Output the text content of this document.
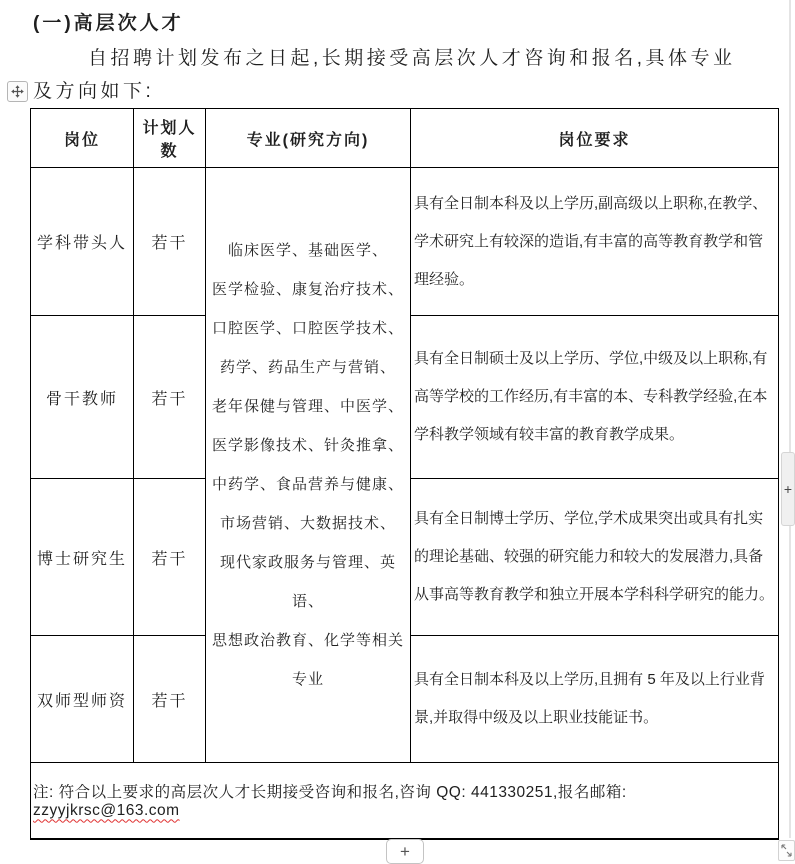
(一)高层次人才
自招聘计划发布之日起,长期接受高层次人才咨询和报名,具体专业及方向如下:
岗位	计划人数	专业(研究方向)	岗位要求
学科带头人	若干	临床医学、基础医学、
医学检验、康复治疗技术、
口腔医学、口腔医学技术、
药学、药品生产与营销、
老年保健与管理、中医学、
医学影像技术、针灸推拿、
中药学、食品营养与健康、
市场营销、大数据技术、
现代家政服务与管理、英语、
思想政治教育、化学等相关专业
	具有全日制本科及以上学历,副高级以上职称,在教学、学术研究上有较深的造诣,有丰富的高等教育教学和管理经验。
骨干教师	若干		具有全日制硕士及以上学历、学位,中级及以上职称,有高等学校的工作经历,有丰富的本、专科教学经验,在本学科教学领域有较丰富的教育教学成果。
博士研究生	若干		具有全日制博士学历、学位,学术成果突出或具有扎实的理论基础、较强的研究能力和较大的发展潜力,具备从事高等教育教学和独立开展本学科科学研究的能力。
双师型师资	若干		具有全日制本科及以上学历,且拥有 5 年及以上行业背景,并取得中级及以上职业技能证书。
注: 符合以上要求的高层次人才长期接受咨询和报名,咨询 QQ: 441330251,报名邮箱: zzyyjkrsc@163.com			
+
+
